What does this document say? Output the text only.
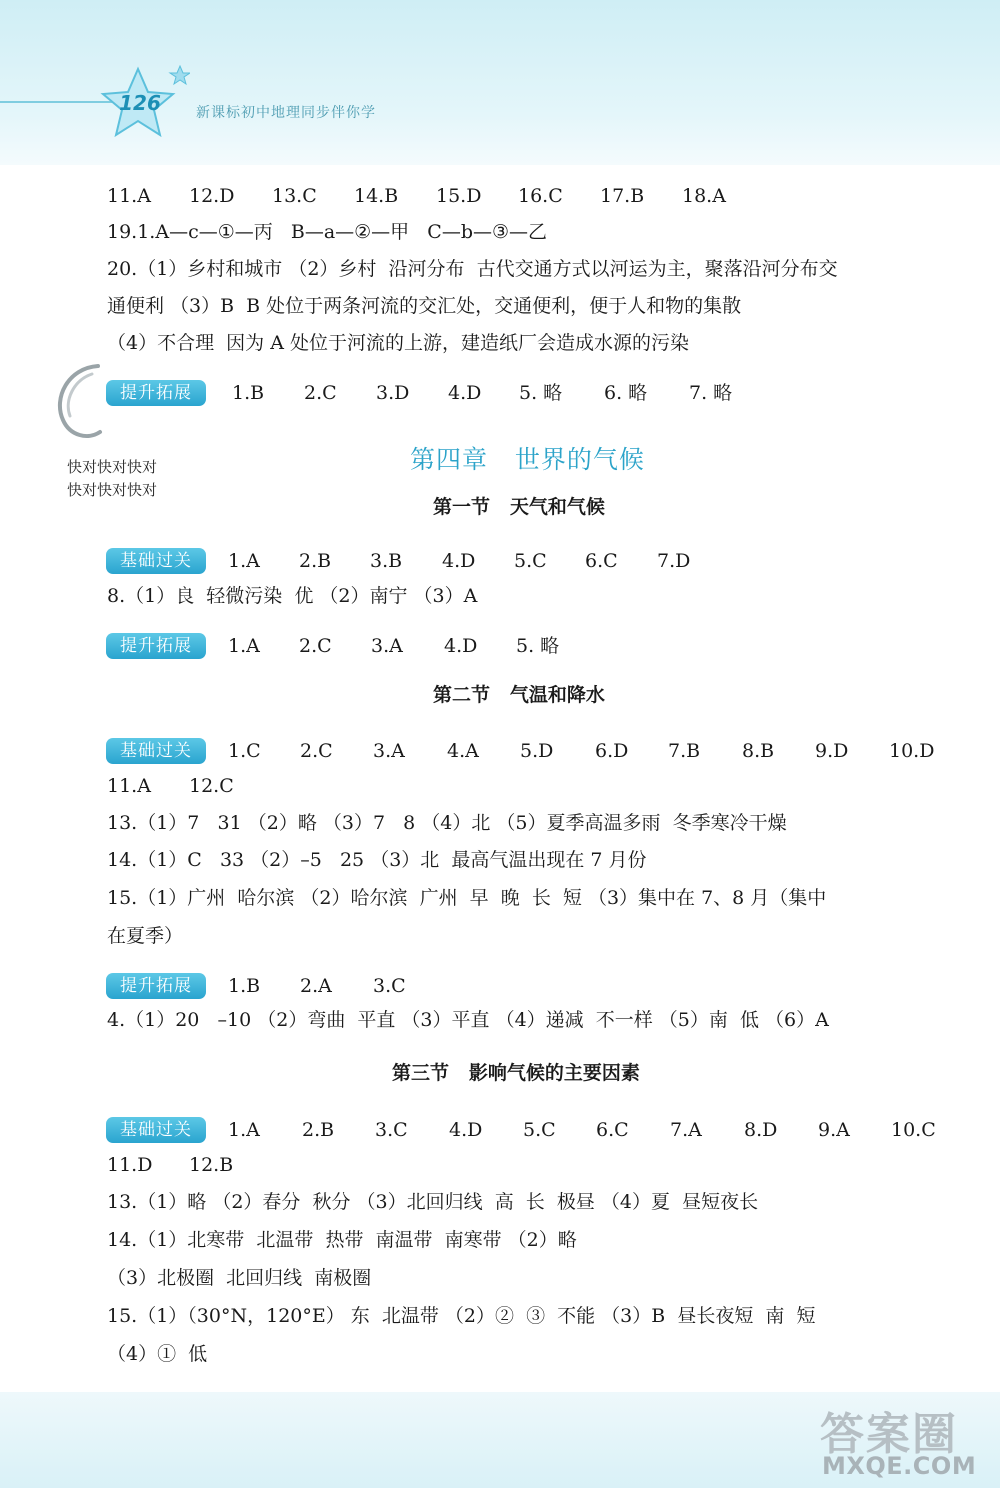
126	新课标初中地理同步伴你学
11.A 12.D 13.C 14.B 15.D 16.C 17.B 18.A
19.1.A—c—①—丙   B—a—②—甲   C—b—③—乙
20.（1）乡村和城市 （2）乡村  沿河分布  古代交通方式以河运为主，聚落沿河分布交
通便利 （3）B  B 处位于两条河流的交汇处，交通便利，便于人和物的集散
（4）不合理  因为 A 处位于河流的上游，建造纸厂会造成水源的污染
提升拓展	1.B 2.C 3.D 4.D 5. 略 6. 略 7. 略
快对快对快对
快对快对快对
第四章   世界的气候
第一节   天气和气候
基础过关	1.A 2.B 3.B 4.D 5.C 6.C 7.D
8.（1）良  轻微污染  优 （2）南宁 （3）A
提升拓展	1.A 2.C 3.A 4.D 5. 略
第二节   气温和降水
基础过关	1.C 2.C 3.A 4.A 5.D 6.D 7.B 8.B 9.D 10.D
11.A 12.C
13.（1）7   31 （2）略 （3）7   8 （4）北 （5）夏季高温多雨  冬季寒冷干燥
14.（1）C   33 （2）–5   25 （3）北  最高气温出现在 7 月份
15.（1）广州  哈尔滨 （2）哈尔滨  广州  早  晚  长  短 （3）集中在 7、8 月（集中
在夏季）
提升拓展	1.B 2.A 3.C
4.（1）20   –10 （2）弯曲  平直 （3）平直 （4）递减  不一样 （5）南  低 （6）A
第三节   影响气候的主要因素
基础过关	1.A 2.B 3.C 4.D 5.C 6.C 7.A 8.D 9.A 10.C
11.D 12.B
13.（1）略 （2）春分  秋分 （3）北回归线  高  长  极昼 （4）夏  昼短夜长
14.（1）北寒带  北温带  热带  南温带  南寒带 （2）略
（3）北极圈  北回归线  南极圈
15.（1）（30°N，120°E） 东  北温带 （2）②  ③  不能 （3）B  昼长夜短  南  短
（4）①  低
答案圈
MXQE.COM
